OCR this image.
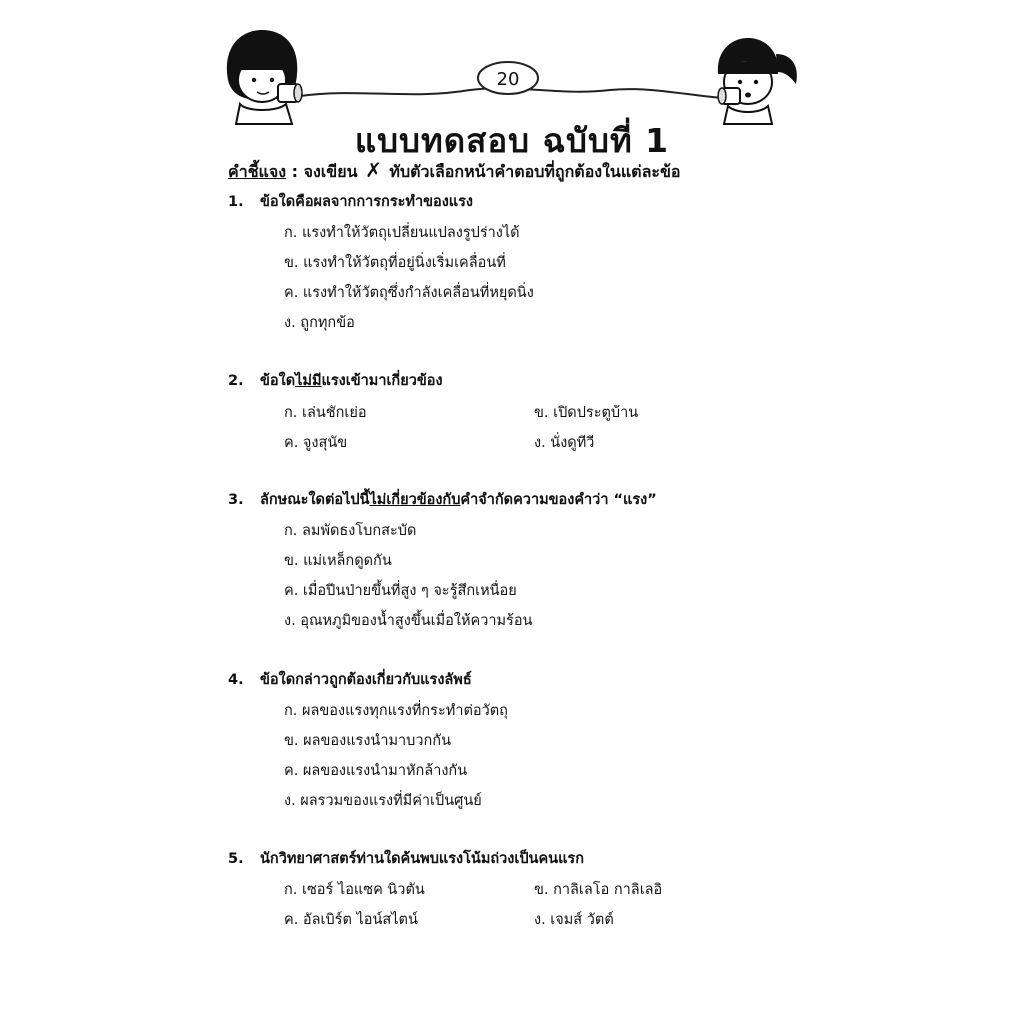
20
แบบทดสอบ ฉบับที่ 1
คำชี้แจง : จงเขียน ✗ ทับตัวเลือกหน้าคำตอบที่ถูกต้องในแต่ละข้อ
1. ข้อใดคือผลจากการกระทำของแรง
ก. แรงทำให้วัตถุเปลี่ยนแปลงรูปร่างได้
ข. แรงทำให้วัตถุที่อยู่นิ่งเริ่มเคลื่อนที่
ค. แรงทำให้วัตถุซึ่งกำลังเคลื่อนที่หยุดนิ่ง
ง. ถูกทุกข้อ
2. ข้อใดไม่มีแรงเข้ามาเกี่ยวข้อง
ก. เล่นชักเย่อ	ข. เปิดประตูบ้าน
ค. จูงสุนัข	ง. นั่งดูทีวี
3. ลักษณะใดต่อไปนี้ไม่เกี่ยวข้องกับคำจำกัดความของคำว่า “แรง”
ก. ลมพัดธงโบกสะบัด
ข. แม่เหล็กดูดกัน
ค. เมื่อปีนป่ายขึ้นที่สูง ๆ จะรู้สึกเหนื่อย
ง. อุณหภูมิของน้ำสูงขึ้นเมื่อให้ความร้อน
4. ข้อใดกล่าวถูกต้องเกี่ยวกับแรงลัพธ์
ก. ผลของแรงทุกแรงที่กระทำต่อวัตถุ
ข. ผลของแรงนำมาบวกกัน
ค. ผลของแรงนำมาหักล้างกัน
ง. ผลรวมของแรงที่มีค่าเป็นศูนย์
5. นักวิทยาศาสตร์ท่านใดค้นพบแรงโน้มถ่วงเป็นคนแรก
ก. เซอร์ ไอแซค นิวตัน	ข. กาลิเลโอ กาลิเลอิ
ค. อัลเบิร์ต ไอน์สไตน์	ง. เจมส์ วัตต์
